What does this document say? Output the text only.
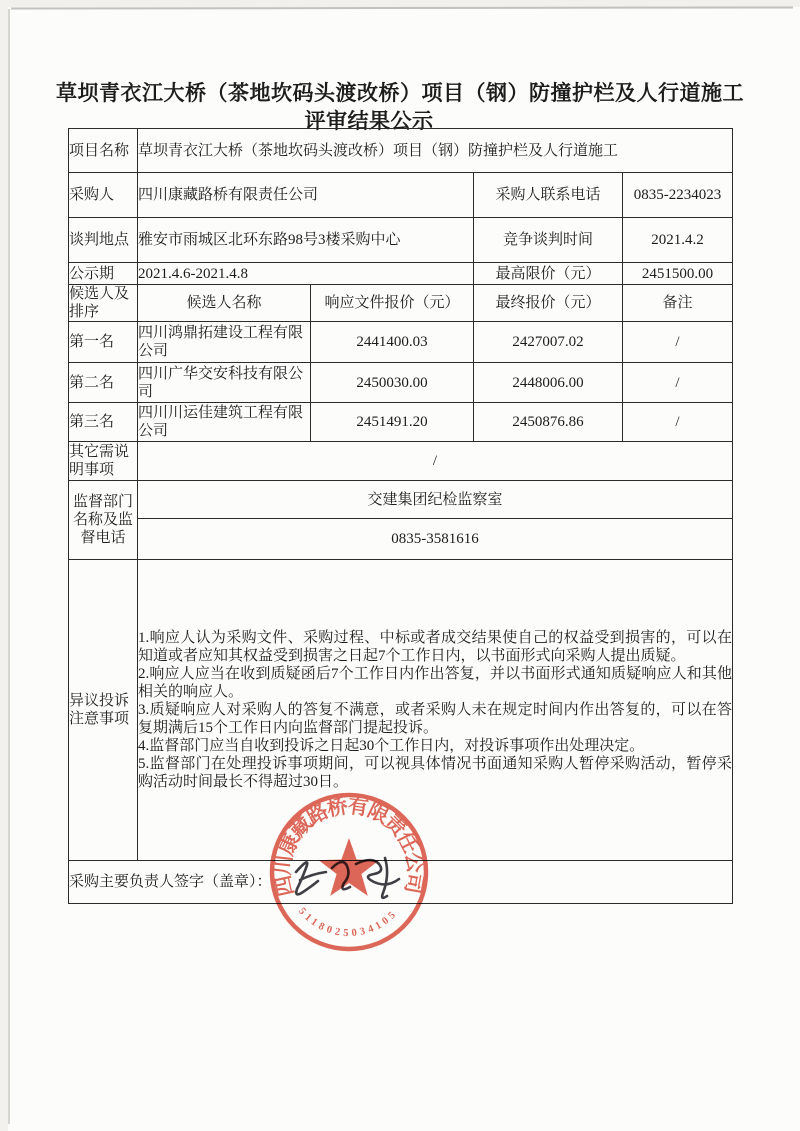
草坝青衣江大桥（茶地坎码头渡改桥）项目（钢）防撞护栏及人行道施工
评审结果公示
项目名称	草坝青衣江大桥（茶地坎码头渡改桥）项目（钢）防撞护栏及人行道施工			
采购人	四川康藏路桥有限责任公司		采购人联系电话	0835-2234023
谈判地点	雅安市雨城区北环东路98号3楼采购中心		竞争谈判时间	2021.4.2
公示期	2021.4.6-2021.4.8		最高限价（元）	2451500.00
候选人及排序	候选人名称	响应文件报价（元）	最终报价（元）	备注
第一名	四川鸿鼎拓建设工程有限公司	2441400.03	2427007.02	/
第二名	四川广华交安科技有限公司	2450030.00	2448006.00	/
第三名	四川川运佳建筑工程有限公司	2451491.20	2450876.86	/
其它需说明事项	/			
监督部门名称及监督电话	交建集团纪检监察室			
	0835-3581616			
异议投诉注意事项	1.响应人认为采购文件、采购过程、中标或者成交结果使自己的权益受到损害的，可以在知道或者应知其权益受到损害之日起7个工作日内，以书面形式向采购人提出质疑。
2.响应人应当在收到质疑函后7个工作日内作出答复，并以书面形式通知质疑响应人和其他相关的响应人。
3.质疑响应人对采购人的答复不满意，或者采购人未在规定时间内作出答复的，可以在答复期满后15个工作日内向监督部门提起投诉。
4.监督部门应当自收到投诉之日起30个工作日内，对投诉事项作出处理决定。
5.监督部门在处理投诉事项期间，可以视具体情况书面通知采购人暂停采购活动，暂停采购活动时间最长不得超过30日。			

采购主要负责人签字（盖章）：				四川康藏路桥有限责任公司
5118025034105
